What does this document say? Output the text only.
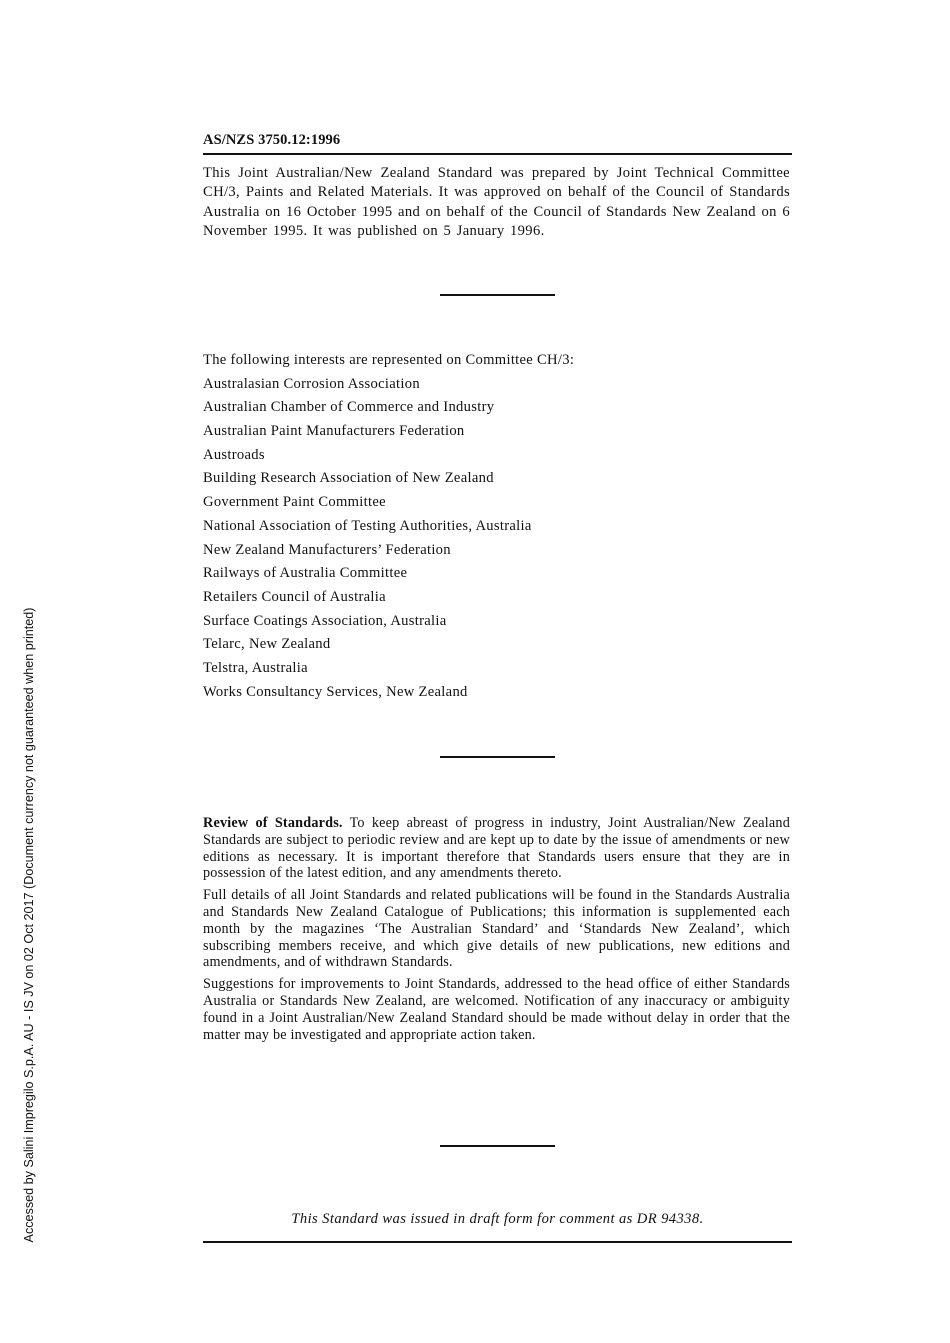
AS/NZS 3750.12:1996

This Joint Australian/New Zealand Standard was prepared by Joint Technical Committee CH/3, Paints and Related Materials. It was approved on behalf of the Council of Standards Australia on 16 October 1995 and on behalf of the Council of Standards New Zealand on 6 November 1995. It was published on 5 January 1996.

The following interests are represented on Committee CH/3:
Australasian Corrosion Association
Australian Chamber of Commerce and Industry
Australian Paint Manufacturers Federation
Austroads
Building Research Association of New Zealand
Government Paint Committee
National Association of Testing Authorities, Australia
New Zealand Manufacturers’ Federation
Railways of Australia Committee
Retailers Council of Australia
Surface Coatings Association, Australia
Telarc, New Zealand
Telstra, Australia
Works Consultancy Services, New Zealand

Review of Standards. To keep abreast of progress in industry, Joint Australian/New Zealand Standards are subject to periodic review and are kept up to date by the issue of amendments or new editions as necessary. It is important therefore that Standards users ensure that they are in possession of the latest edition, and any amendments thereto.

Full details of all Joint Standards and related publications will be found in the Standards Australia and Standards New Zealand Catalogue of Publications; this information is supplemented each month by the magazines ‘The Australian Standard’ and ‘Standards New Zealand’, which subscribing members receive, and which give details of new publications, new editions and amendments, and of withdrawn Standards.

Suggestions for improvements to Joint Standards, addressed to the head office of either Standards Australia or Standards New Zealand, are welcomed. Notification of any inaccuracy or ambiguity found in a Joint Australian/New Zealand Standard should be made without delay in order that the matter may be investigated and appropriate action taken.

This Standard was issued in draft form for comment as DR 94338.
Accessed by Salini Impregilo S.p.A. AU - IS JV on 02 Oct 2017 (Document currency not guaranteed when printed)
